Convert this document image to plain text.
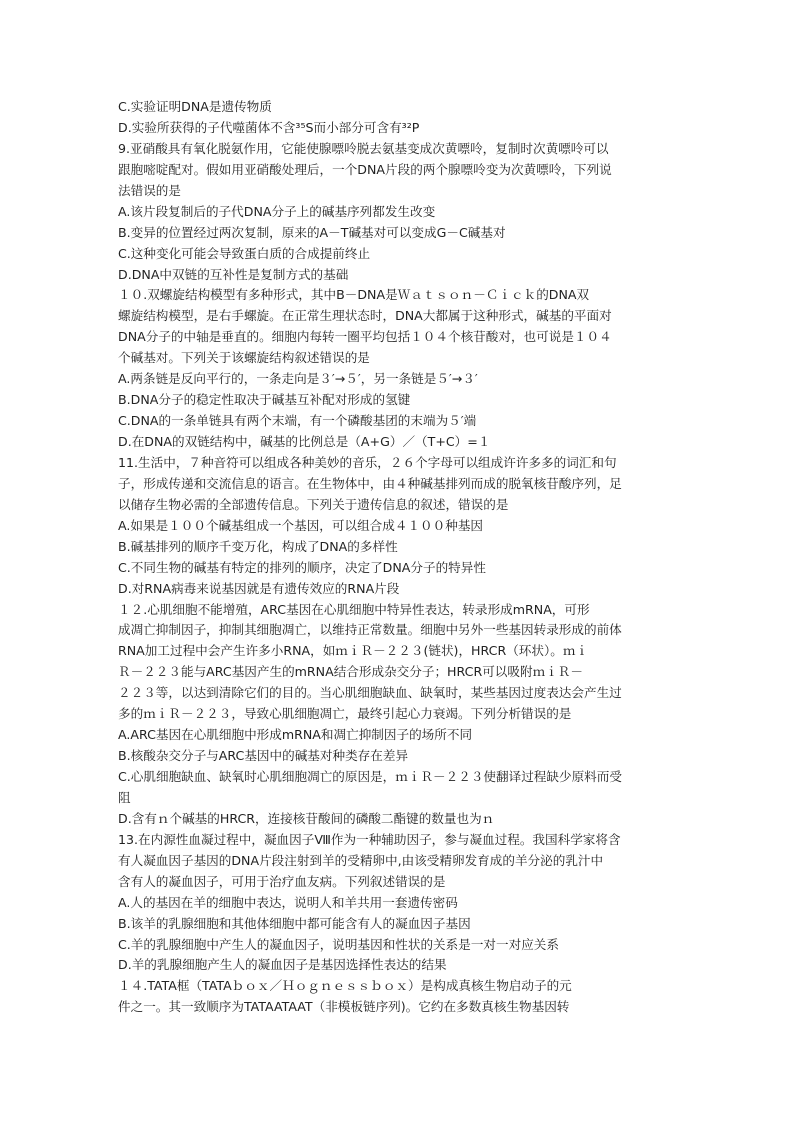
C.实验证明DNA是遗传物质
D.实验所获得的子代噬菌体不含³⁵S而小部分可含有³²P
9.亚硝酸具有氧化脱氨作用，它能使腺嘌呤脱去氨基变成次黄嘌呤，复制时次黄嘌呤可以
跟胞嘧啶配对。假如用亚硝酸处理后，一个DNA片段的两个腺嘌呤变为次黄嘌呤，下列说
法错误的是
A.该片段复制后的子代DNA分子上的碱基序列都发生改变
B.变异的位置经过两次复制，原来的A－T碱基对可以变成G－C碱基对
C.这种变化可能会导致蛋白质的合成提前终止
D.DNA中双链的互补性是复制方式的基础
１０.双螺旋结构模型有多种形式，其中B－DNA是Ｗａｔｓｏｎ－Ｃｉｃｋ的DNA双
螺旋结构模型，是右手螺旋。在正常生理状态时，DNA大都属于这种形式，碱基的平面对
DNA分子的中轴是垂直的。细胞内每转一圈平均包括１０４个核苷酸对，也可说是１０４
个碱基对。下列关于该螺旋结构叙述错误的是
A.两条链是反向平行的，一条走向是３′→５′，另一条链是５′→３′
B.DNA分子的稳定性取决于碱基互补配对形成的氢键
C.DNA的一条单链具有两个末端，有一个磷酸基团的末端为５′端
D.在DNA的双链结构中，碱基的比例总是（A+G）／（T+C）=１
11.生活中，７种音符可以组成各种美妙的音乐，２６个字母可以组成许许多多的词汇和句
子，形成传递和交流信息的语言。在生物体中，由４种碱基排列而成的脱氧核苷酸序列，足
以储存生物必需的全部遗传信息。下列关于遗传信息的叙述，错误的是
A.如果是１００个碱基组成一个基因，可以组合成４１００种基因
B.碱基排列的顺序千变万化，构成了DNA的多样性
C.不同生物的碱基有特定的排列的顺序，决定了DNA分子的特异性
D.对RNA病毒来说基因就是有遗传效应的RNA片段
１２.心肌细胞不能增殖，ARC基因在心肌细胞中特异性表达，转录形成mRNA，可形
成凋亡抑制因子，抑制其细胞凋亡，以维持正常数量。细胞中另外一些基因转录形成的前体
RNA加工过程中会产生许多小RNA，如ｍｉＲ－２２３(链状)，HRCR（环状）。ｍｉ
Ｒ－２２３能与ARC基因产生的mRNA结合形成杂交分子；HRCR可以吸附ｍｉＲ－
２２３等，以达到清除它们的目的。当心肌细胞缺血、缺氧时，某些基因过度表达会产生过
多的ｍｉＲ－２２３，导致心肌细胞凋亡，最终引起心力衰竭。下列分析错误的是
A.ARC基因在心肌细胞中形成mRNA和凋亡抑制因子的场所不同
B.核酸杂交分子与ARC基因中的碱基对种类存在差异
C.心肌细胞缺血、缺氧时心肌细胞凋亡的原因是，ｍｉＲ－２２３使翻译过程缺少原料而受
阻
D.含有ｎ个碱基的HRCR，连接核苷酸间的磷酸二酯键的数量也为ｎ
13.在内源性血凝过程中，凝血因子Ⅷ作为一种辅助因子，参与凝血过程。我国科学家将含
有人凝血因子基因的DNA片段注射到羊的受精卵中,由该受精卵发育成的羊分泌的乳汁中
含有人的凝血因子，可用于治疗血友病。下列叙述错误的是
A.人的基因在羊的细胞中表达，说明人和羊共用一套遗传密码
B.该羊的乳腺细胞和其他体细胞中都可能含有人的凝血因子基因
C.羊的乳腺细胞中产生人的凝血因子，说明基因和性状的关系是一对一对应关系
D.羊的乳腺细胞产生人的凝血因子是基因选择性表达的结果
１４.TATA框（TATAｂｏｘ／Ｈｏｇｎｅｓｓｂｏｘ）是构成真核生物启动子的元
件之一。其一致顺序为TATAATAAT（非模板链序列)。它约在多数真核生物基因转
